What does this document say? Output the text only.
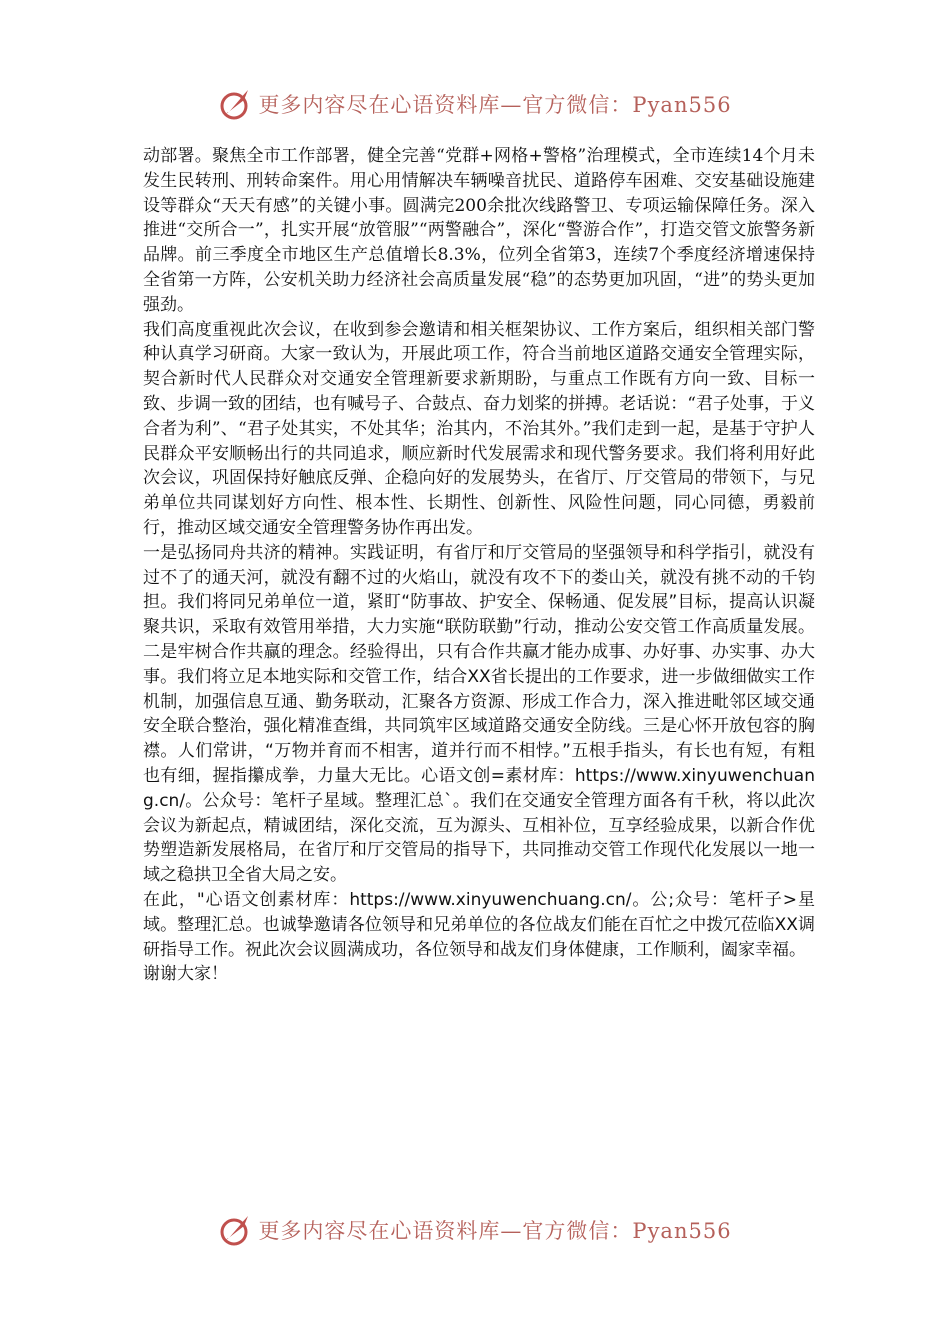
更多内容尽在心语资料库—官方微信：Pyan556

动部署。聚焦全市工作部署，健全完善“党群+网格+警格”治理模式，全市连续14个月未发生民转刑、刑转命案件。用心用情解决车辆噪音扰民、道路停车困难、交安基础设施建设等群众“天天有感”的关键小事。圆满完200余批次线路警卫、专项运输保障任务。深入推进“交所合一”，扎实开展“放管服”“两警融合”，深化“警游合作”，打造交管文旅警务新品牌。前三季度全市地区生产总值增长8.3%，位列全省第3，连续7个季度经济增速保持全省第一方阵，公安机关助力经济社会高质量发展“稳”的态势更加巩固，“进”的势头更加强劲。

我们高度重视此次会议，在收到参会邀请和相关框架协议、工作方案后，组织相关部门警种认真学习研商。大家一致认为，开展此项工作，符合当前地区道路交通安全管理实际，契合新时代人民群众对交通安全管理新要求新期盼，与重点工作既有方向一致、目标一致、步调一致的团结，也有喊号子、合鼓点、奋力划桨的拼搏。老话说：“君子处事，于义合者为利”、“君子处其实，不处其华；治其内，不治其外。”我们走到一起，是基于守护人民群众平安顺畅出行的共同追求，顺应新时代发展需求和现代警务要求。我们将利用好此次会议，巩固保持好触底反弹、企稳向好的发展势头，在省厅、厅交管局的带领下，与兄弟单位共同谋划好方向性、根本性、长期性、创新性、风险性问题，同心同德，勇毅前行，推动区域交通安全管理警务协作再出发。

一是弘扬同舟共济的精神。实践证明，有省厅和厅交管局的坚强领导和科学指引，就没有过不了的通天河，就没有翻不过的火焰山，就没有攻不下的娄山关，就没有挑不动的千钧担。我们将同兄弟单位一道，紧盯“防事故、护安全、保畅通、促发展”目标，提高认识凝聚共识，采取有效管用举措，大力实施“联防联勤”行动，推动公安交管工作高质量发展。二是牢树合作共赢的理念。经验得出，只有合作共赢才能办成事、办好事、办实事、办大事。我们将立足本地实际和交管工作，结合XX省长提出的工作要求，进一步做细做实工作机制，加强信息互通、勤务联动，汇聚各方资源、形成工作合力，深入推进毗邻区域交通安全联合整治，强化精准查缉，共同筑牢区域道路交通安全防线。三是心怀开放包容的胸襟。人们常讲，“万物并育而不相害，道并行而不相悖。”五根手指头，有长也有短，有粗也有细，握指攥成拳，力量大无比。心语文创=素材库：https://www.xinyuwenchuang.cn/。公众号：笔杆子星域。整理汇总`。我们在交通安全管理方面各有千秋，将以此次会议为新起点，精诚团结，深化交流，互为源头、互相补位，互享经验成果，以新合作优势塑造新发展格局，在省厅和厅交管局的指导下，共同推动交管工作现代化发展以一地一域之稳拱卫全省大局之安。

在此，"心语文创素材库：https://www.xinyuwenchuang.cn/。公;众号：笔杆子>星域。整理汇总。也诚挚邀请各位领导和兄弟单位的各位战友们能在百忙之中拨冗莅临XX调研指导工作。祝此次会议圆满成功，各位领导和战友们身体健康，工作顺利，阖家幸福。

谢谢大家！

更多内容尽在心语资料库—官方微信：Pyan556
